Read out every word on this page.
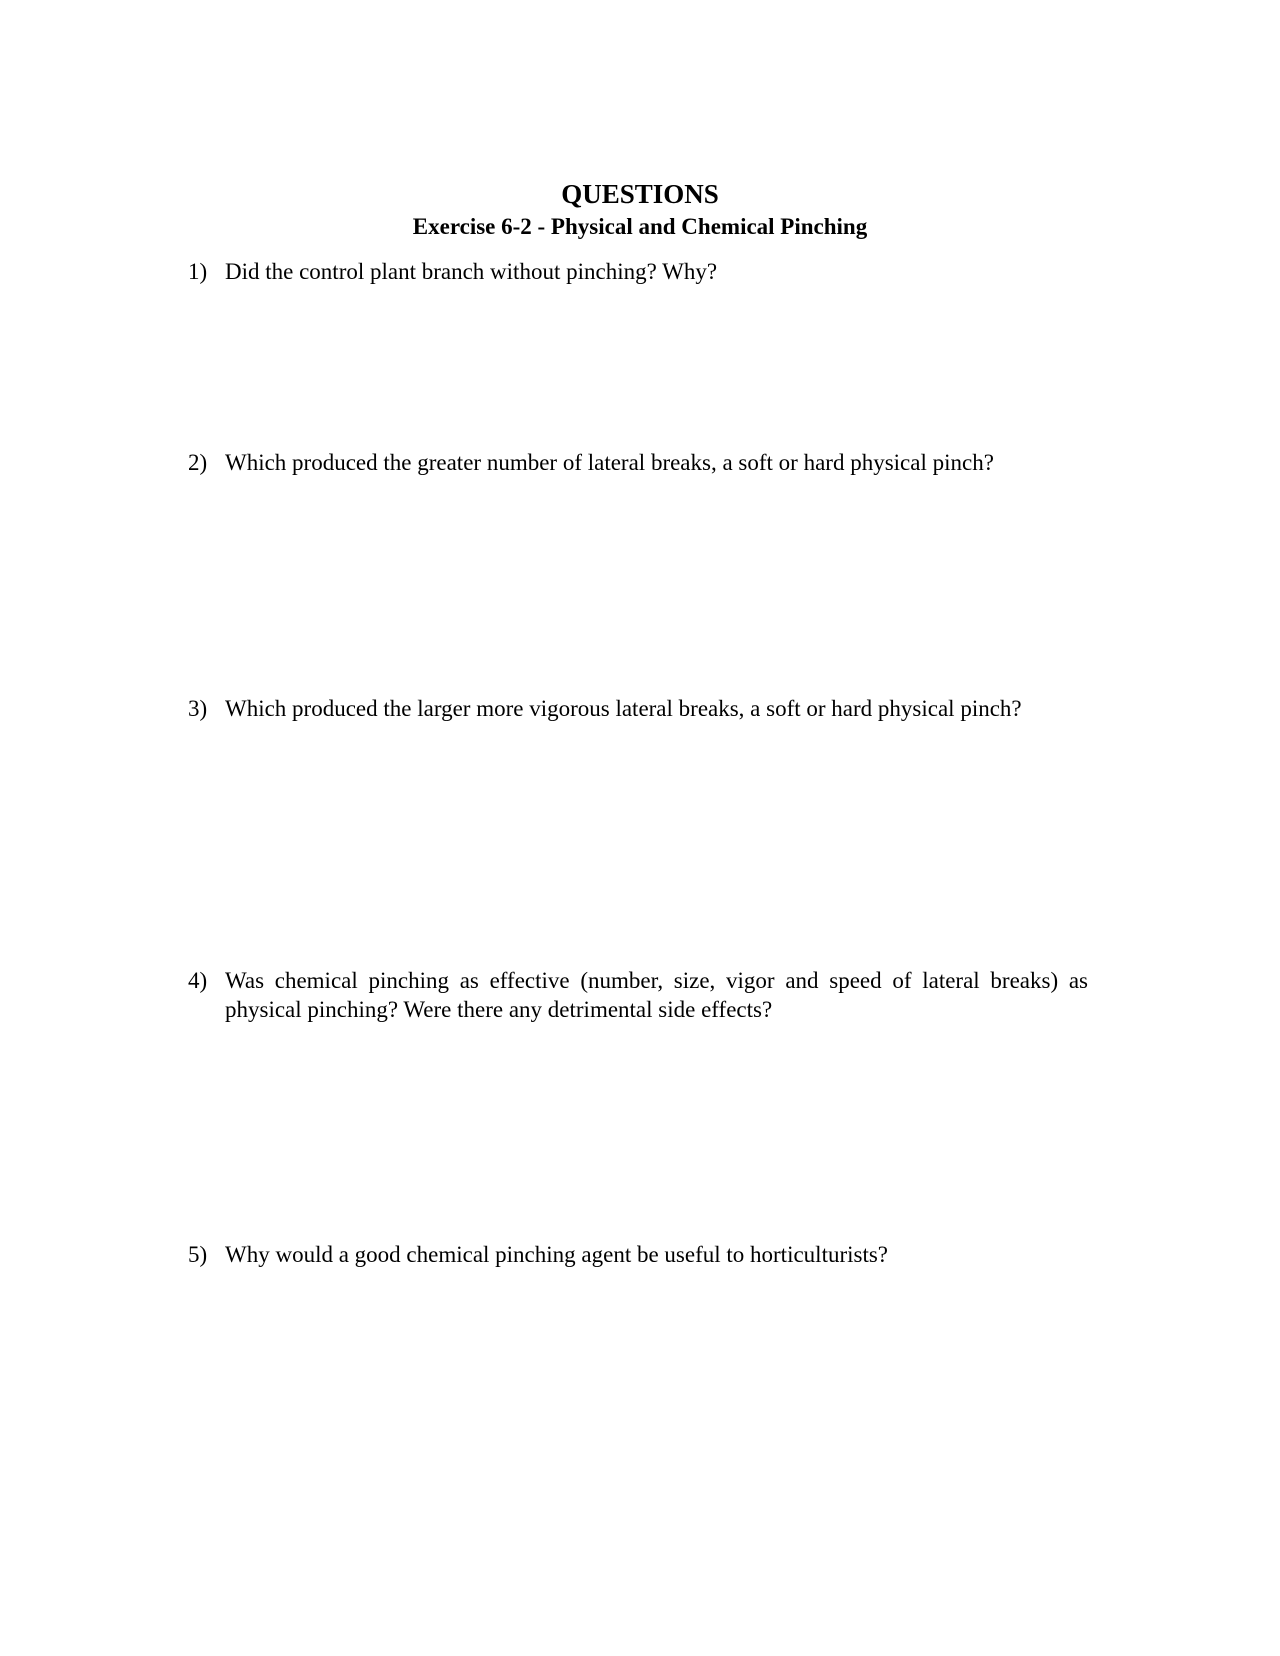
QUESTIONS
Exercise 6-2 - Physical and Chemical Pinching
1) Did the control plant branch without pinching? Why?
2) Which produced the greater number of lateral breaks, a soft or hard physical pinch?
3) Which produced the larger more vigorous lateral breaks, a soft or hard physical pinch?
4) Was chemical pinching as effective (number, size, vigor and speed of lateral breaks) as physical pinching? Were there any detrimental side effects?
5) Why would a good chemical pinching agent be useful to horticulturists?
